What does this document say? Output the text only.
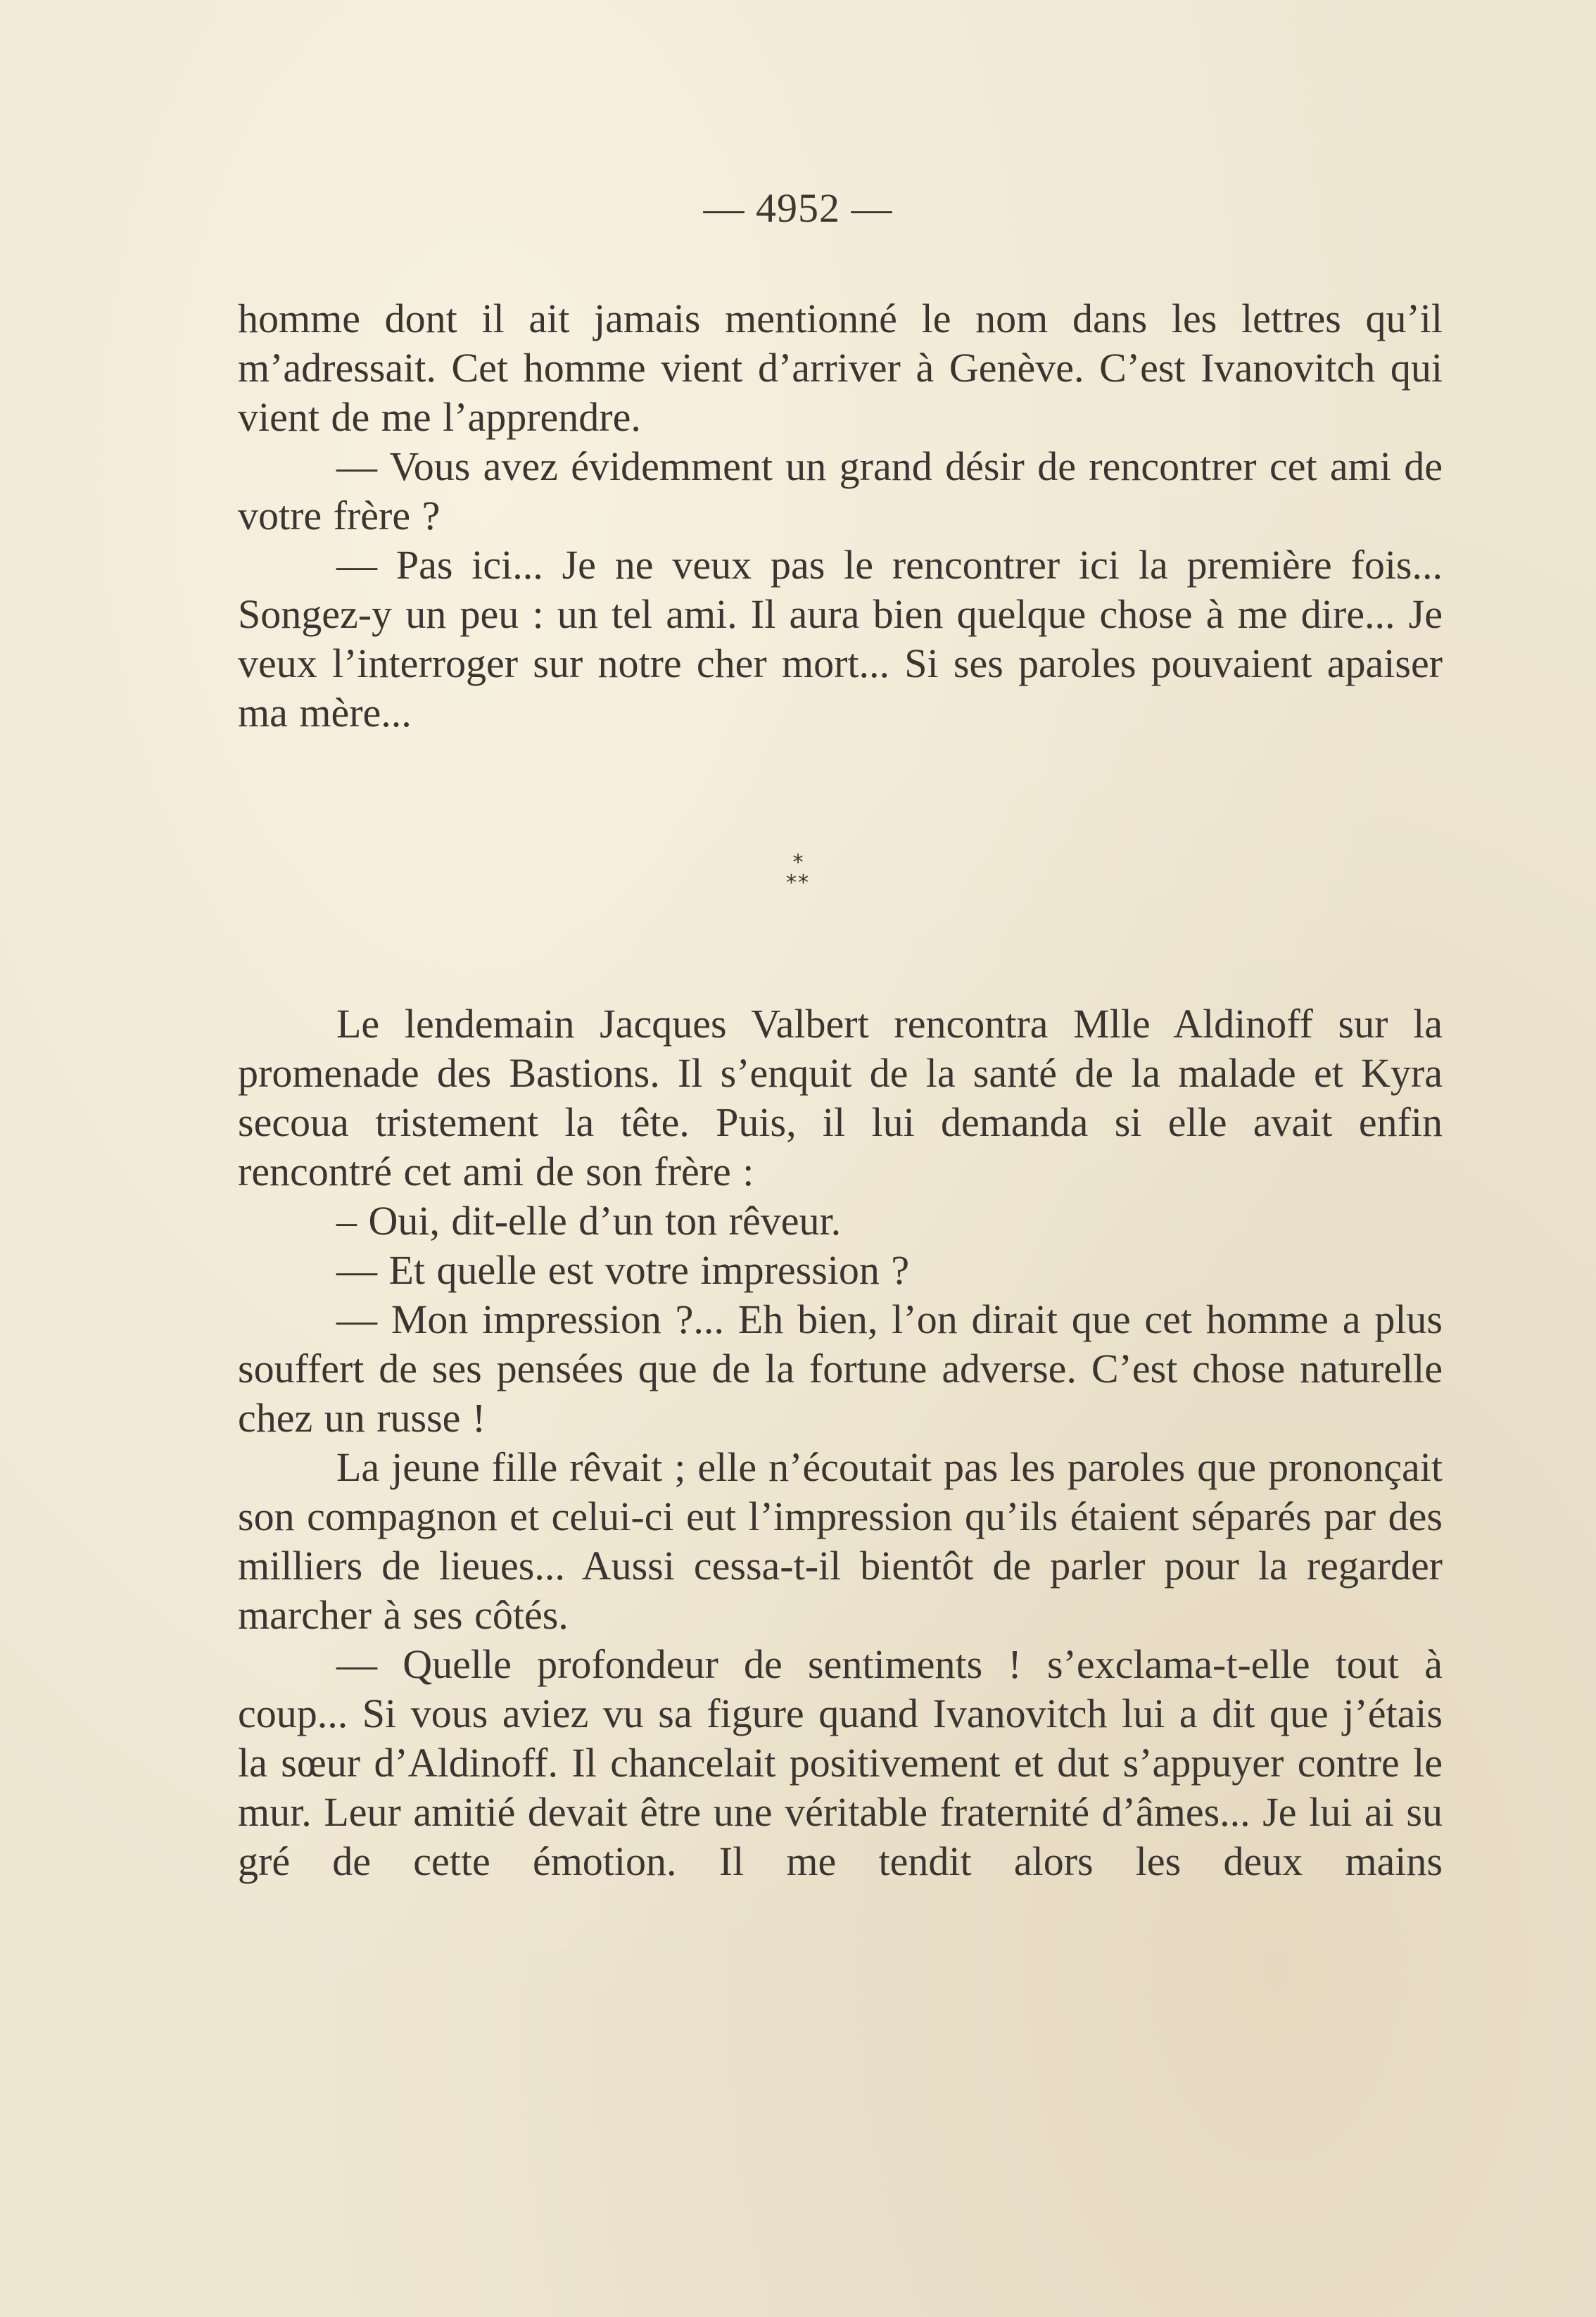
— 4952 —

homme dont il ait jamais mentionné le nom dans les lettres qu’il m’adressait. Cet homme vient d’arriver à Genève. C’est Ivanovitch qui vient de me l’apprendre.

— Vous avez évidemment un grand désir de rencontrer cet ami de votre frère ?

— Pas ici... Je ne veux pas le rencontrer ici la première fois... Songez-y un peu : un tel ami. Il aura bien quelque chose à me dire... Je veux l’interroger sur notre cher mort... Si ses paroles pouvaient apaiser ma mère...

*
**

Le lendemain Jacques Valbert rencontra Mlle Aldinoff sur la promenade des Bastions. Il s’enquit de la santé de la malade et Kyra secoua tristement la tête. Puis, il lui demanda si elle avait enfin rencontré cet ami de son frère :

– Oui, dit-elle d’un ton rêveur.

— Et quelle est votre impression ?

— Mon impression ?... Eh bien, l’on dirait que cet homme a plus souffert de ses pensées que de la fortune adverse. C’est chose naturelle chez un russe !

La jeune fille rêvait ; elle n’écoutait pas les paroles que prononçait son compagnon et celui-ci eut l’impression qu’ils étaient séparés par des milliers de lieues... Aussi cessa-t-il bientôt de parler pour la regarder marcher à ses côtés.

— Quelle profondeur de sentiments ! s’exclama-t-elle tout à coup... Si vous aviez vu sa figure quand Ivanovitch lui a dit que j’étais la sœur d’Aldinoff. Il chancelait positivement et dut s’appuyer contre le mur. Leur amitié devait être une véritable fraternité d’âmes... Je lui ai su gré de cette émotion. Il me tendit alors les deux mains
